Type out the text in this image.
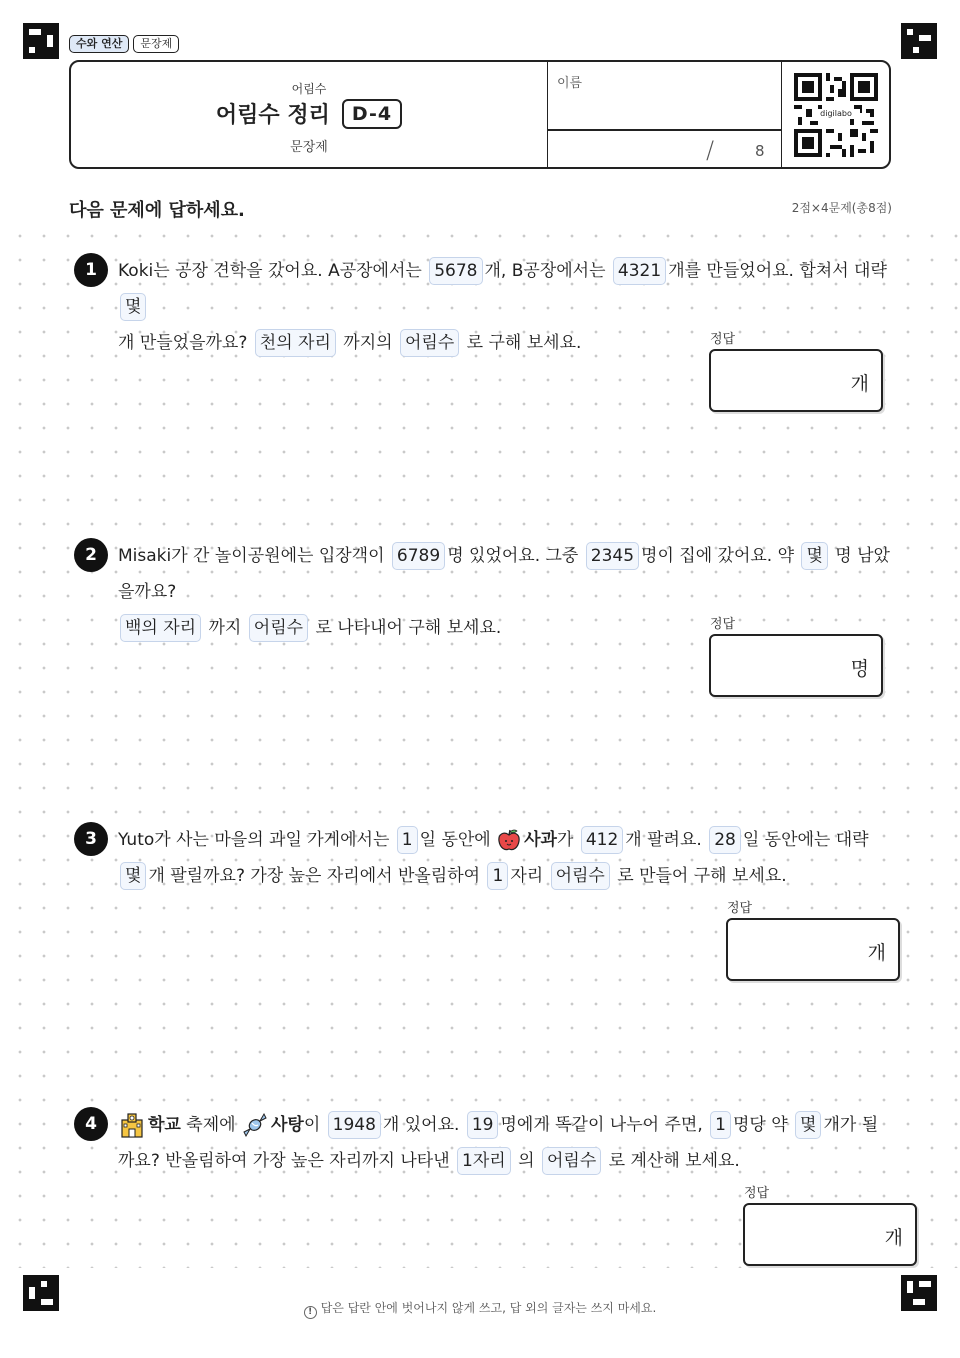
수와 연산	문장제
어림수
어림수 정리	D-4
문장제
이름
/	8
digilabo
다음 문제에 답하세요.	2점×4문제(총8점)
1	Koki는 공장 견학을 갔어요. A공장에서는 5678 개, B공장에서는 4321 개를 만들었어요. 합쳐서 대략 몇
개 만들었을까요? 천의 자리 까지의 어림수 로 구해 보세요.	정답
개
2	Misaki가 간 놀이공원에는 입장객이 6789 명 있었어요. 그중 2345 명이 집에 갔어요. 약 몇 명 남았을까요?
백의 자리 까지 어림수 로 나타내어 구해 보세요.	정답
명
3	Yuto가 사는 마을의 과일 가게에서는 1 일 동안에 사과가 412 개 팔려요. 28 일 동안에는 대략 몇 개 팔릴까요? 가장 높은 자리에서 반올림하여 1 자리 어림수 로 만들어 구해 보세요.
정답
개
4	학교 축제에 사탕이 1948 개 있어요. 19 명에게 똑같이 나누어 주면, 1 명당 약 몇 개가 될까요? 반올림하여 가장 높은 자리까지 나타낸 1자리 의 어림수 로 계산해 보세요.
정답
개
! 답은 답란 안에 벗어나지 않게 쓰고, 답 외의 글자는 쓰지 마세요.
